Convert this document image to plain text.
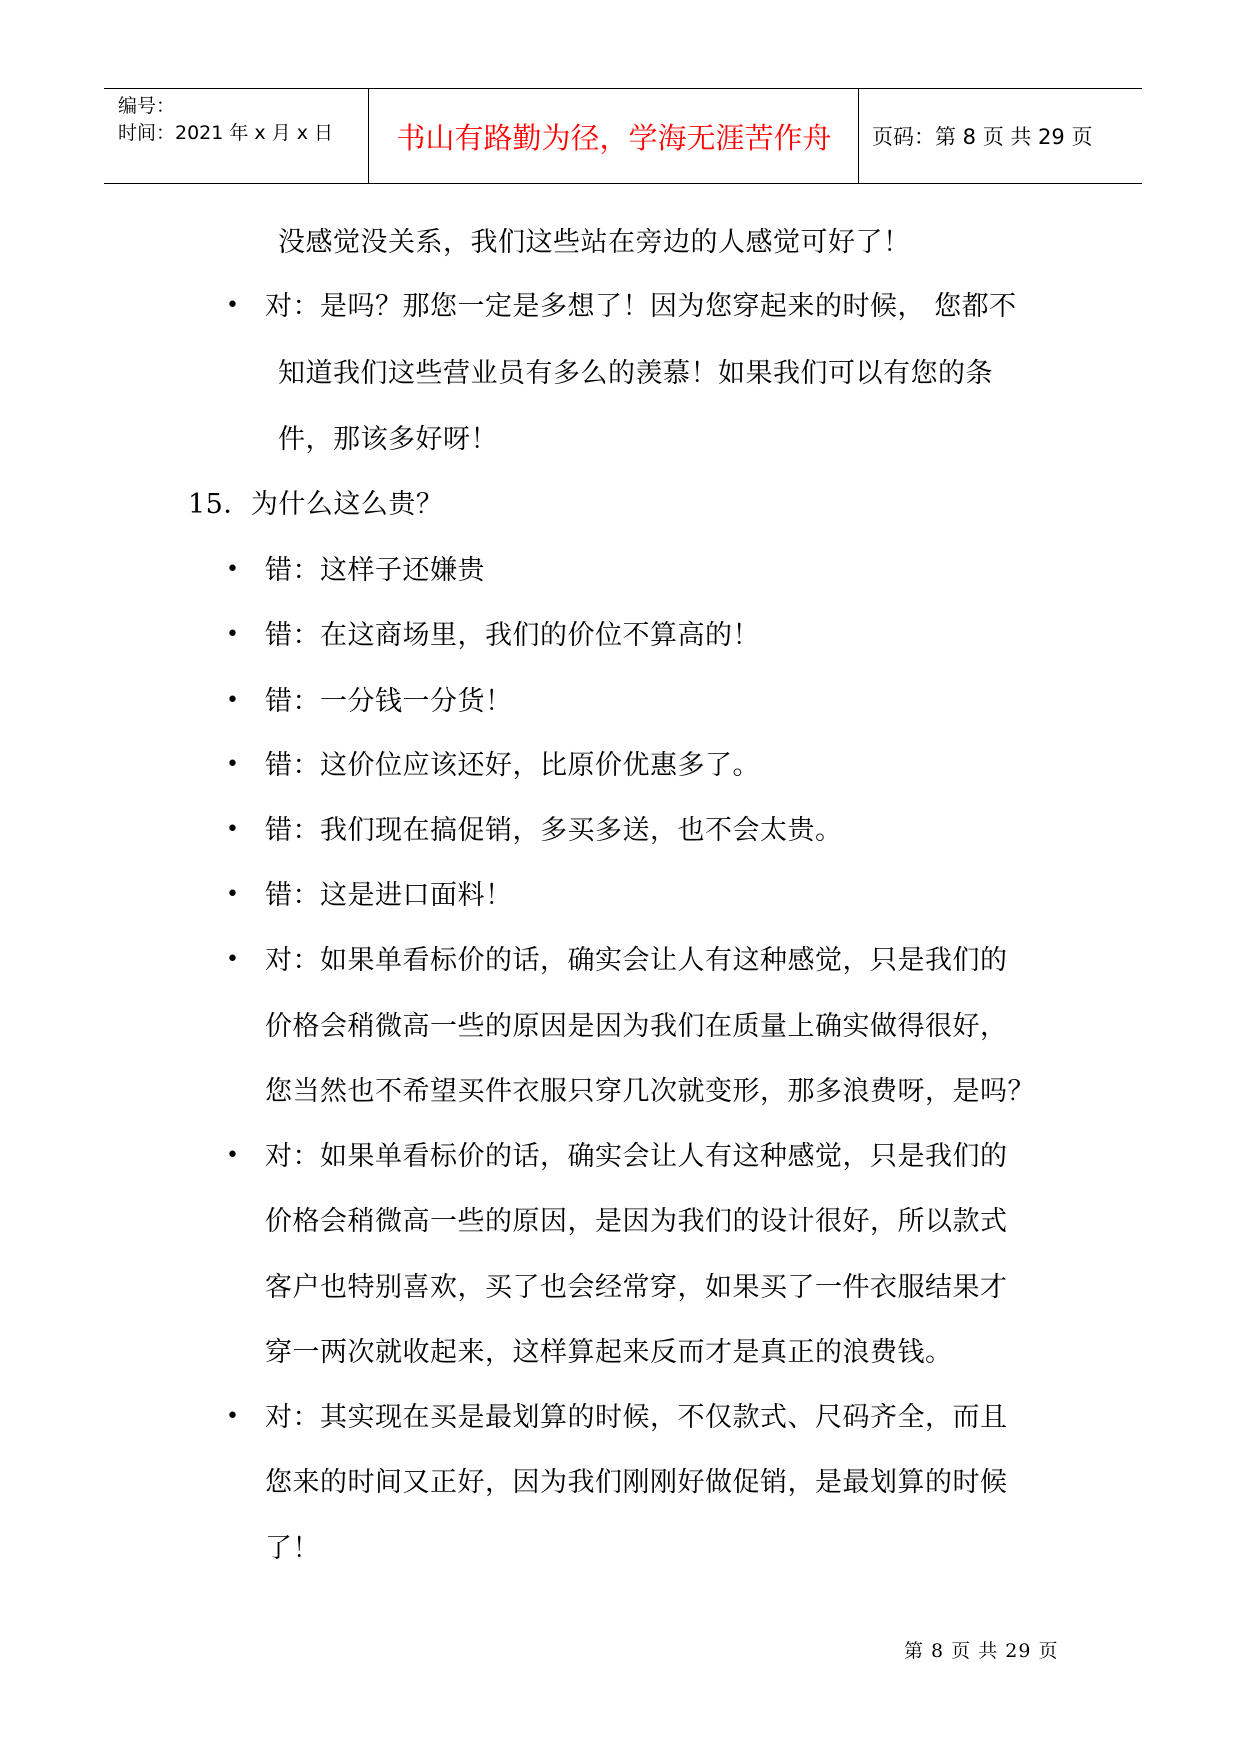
编号：
时间：2021 年 x 月 x 日	书山有路勤为径，学海无涯苦作舟	页码：第 8 页 共 29 页
没感觉没关系，我们这些站在旁边的人感觉可好了！
• 对：是吗？那您一定是多想了！因为您穿起来的时候， 您都不
知道我们这些营业员有多么的羡慕！如果我们可以有您的条
件，那该多好呀！
15．为什么这么贵？
• 错：这样子还嫌贵
• 错：在这商场里，我们的价位不算高的！
• 错：一分钱一分货！
• 错：这价位应该还好，比原价优惠多了。
• 错：我们现在搞促销，多买多送，也不会太贵。
• 错：这是进口面料！
• 对：如果单看标价的话，确实会让人有这种感觉，只是我们的
价格会稍微高一些的原因是因为我们在质量上确实做得很好，
您当然也不希望买件衣服只穿几次就变形，那多浪费呀，是吗？
• 对：如果单看标价的话，确实会让人有这种感觉，只是我们的
价格会稍微高一些的原因，是因为我们的设计很好，所以款式
客户也特别喜欢，买了也会经常穿，如果买了一件衣服结果才
穿一两次就收起来，这样算起来反而才是真正的浪费钱。
• 对：其实现在买是最划算的时候，不仅款式、尺码齐全，而且
您来的时间又正好，因为我们刚刚好做促销，是最划算的时候
了！
第 8 页 共 29 页
